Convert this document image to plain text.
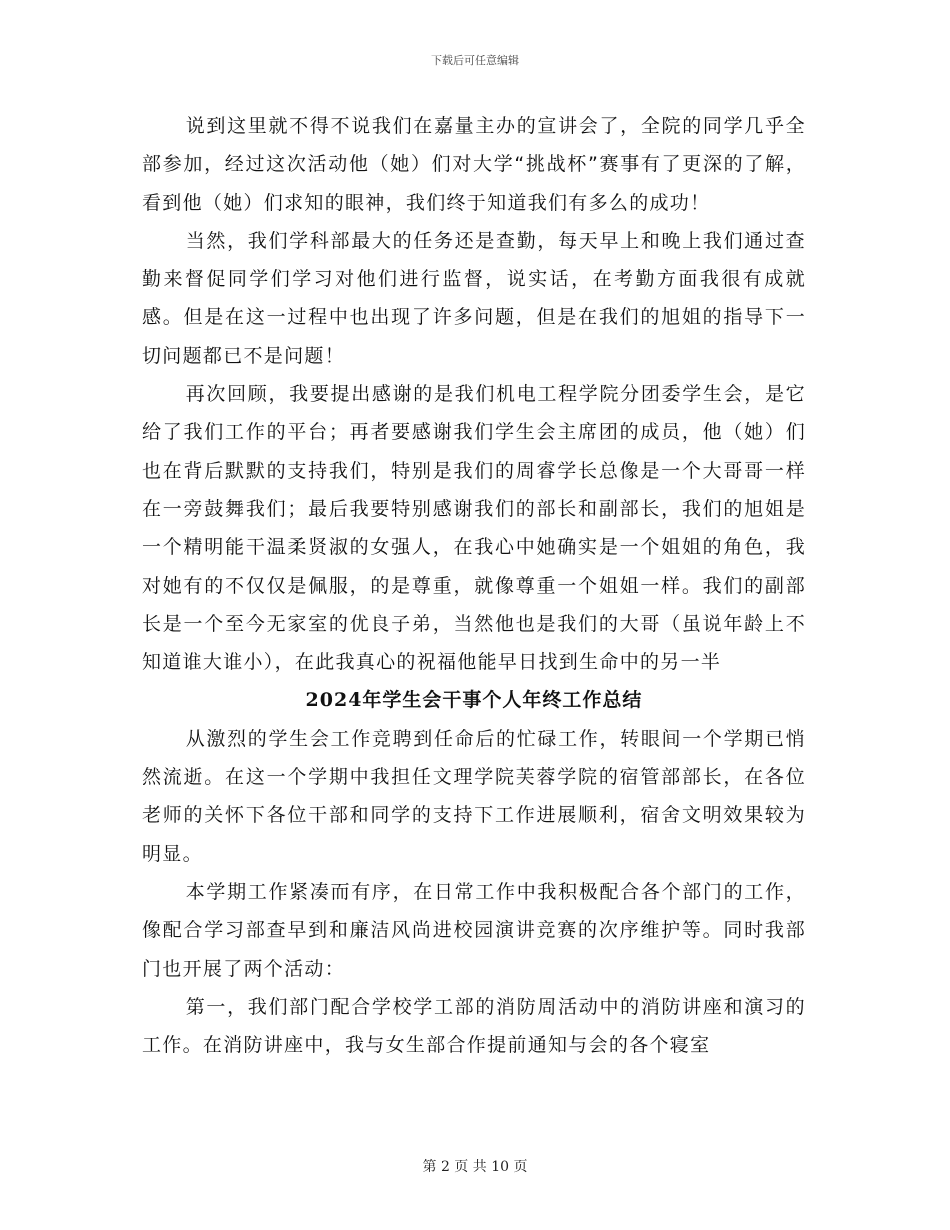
下载后可任意编辑

说到这里就不得不说我们在嘉量主办的宣讲会了，全院的同学几乎全部参加，经过这次活动他（她）们对大学“挑战杯”赛事有了更深的了解，看到他（她）们求知的眼神，我们终于知道我们有多么的成功！

当然，我们学科部最大的任务还是查勤，每天早上和晚上我们通过查勤来督促同学们学习对他们进行监督，说实话，在考勤方面我很有成就感。但是在这一过程中也出现了许多问题，但是在我们的旭姐的指导下一切问题都已不是问题！

再次回顾，我要提出感谢的是我们机电工程学院分团委学生会，是它给了我们工作的平台；再者要感谢我们学生会主席团的成员，他（她）们也在背后默默的支持我们，特别是我们的周睿学长总像是一个大哥哥一样在一旁鼓舞我们；最后我要特别感谢我们的部长和副部长，我们的旭姐是一个精明能干温柔贤淑的女强人，在我心中她确实是一个姐姐的角色，我对她有的不仅仅是佩服，的是尊重，就像尊重一个姐姐一样。我们的副部长是一个至今无家室的优良子弟，当然他也是我们的大哥（虽说年龄上不知道谁大谁小），在此我真心的祝福他能早日找到生命中的另一半

2024年学生会干事个人年终工作总结

从激烈的学生会工作竞聘到任命后的忙碌工作，转眼间一个学期已悄然流逝。在这一个学期中我担任文理学院芙蓉学院的宿管部部长，在各位老师的关怀下各位干部和同学的支持下工作进展顺利，宿舍文明效果较为明显。

本学期工作紧凑而有序，在日常工作中我积极配合各个部门的工作，像配合学习部查早到和廉洁风尚进校园演讲竞赛的次序维护等。同时我部门也开展了两个活动：

第一，我们部门配合学校学工部的消防周活动中的消防讲座和演习的工作。在消防讲座中，我与女生部合作提前通知与会的各个寝室

第 2 页 共 10 页
